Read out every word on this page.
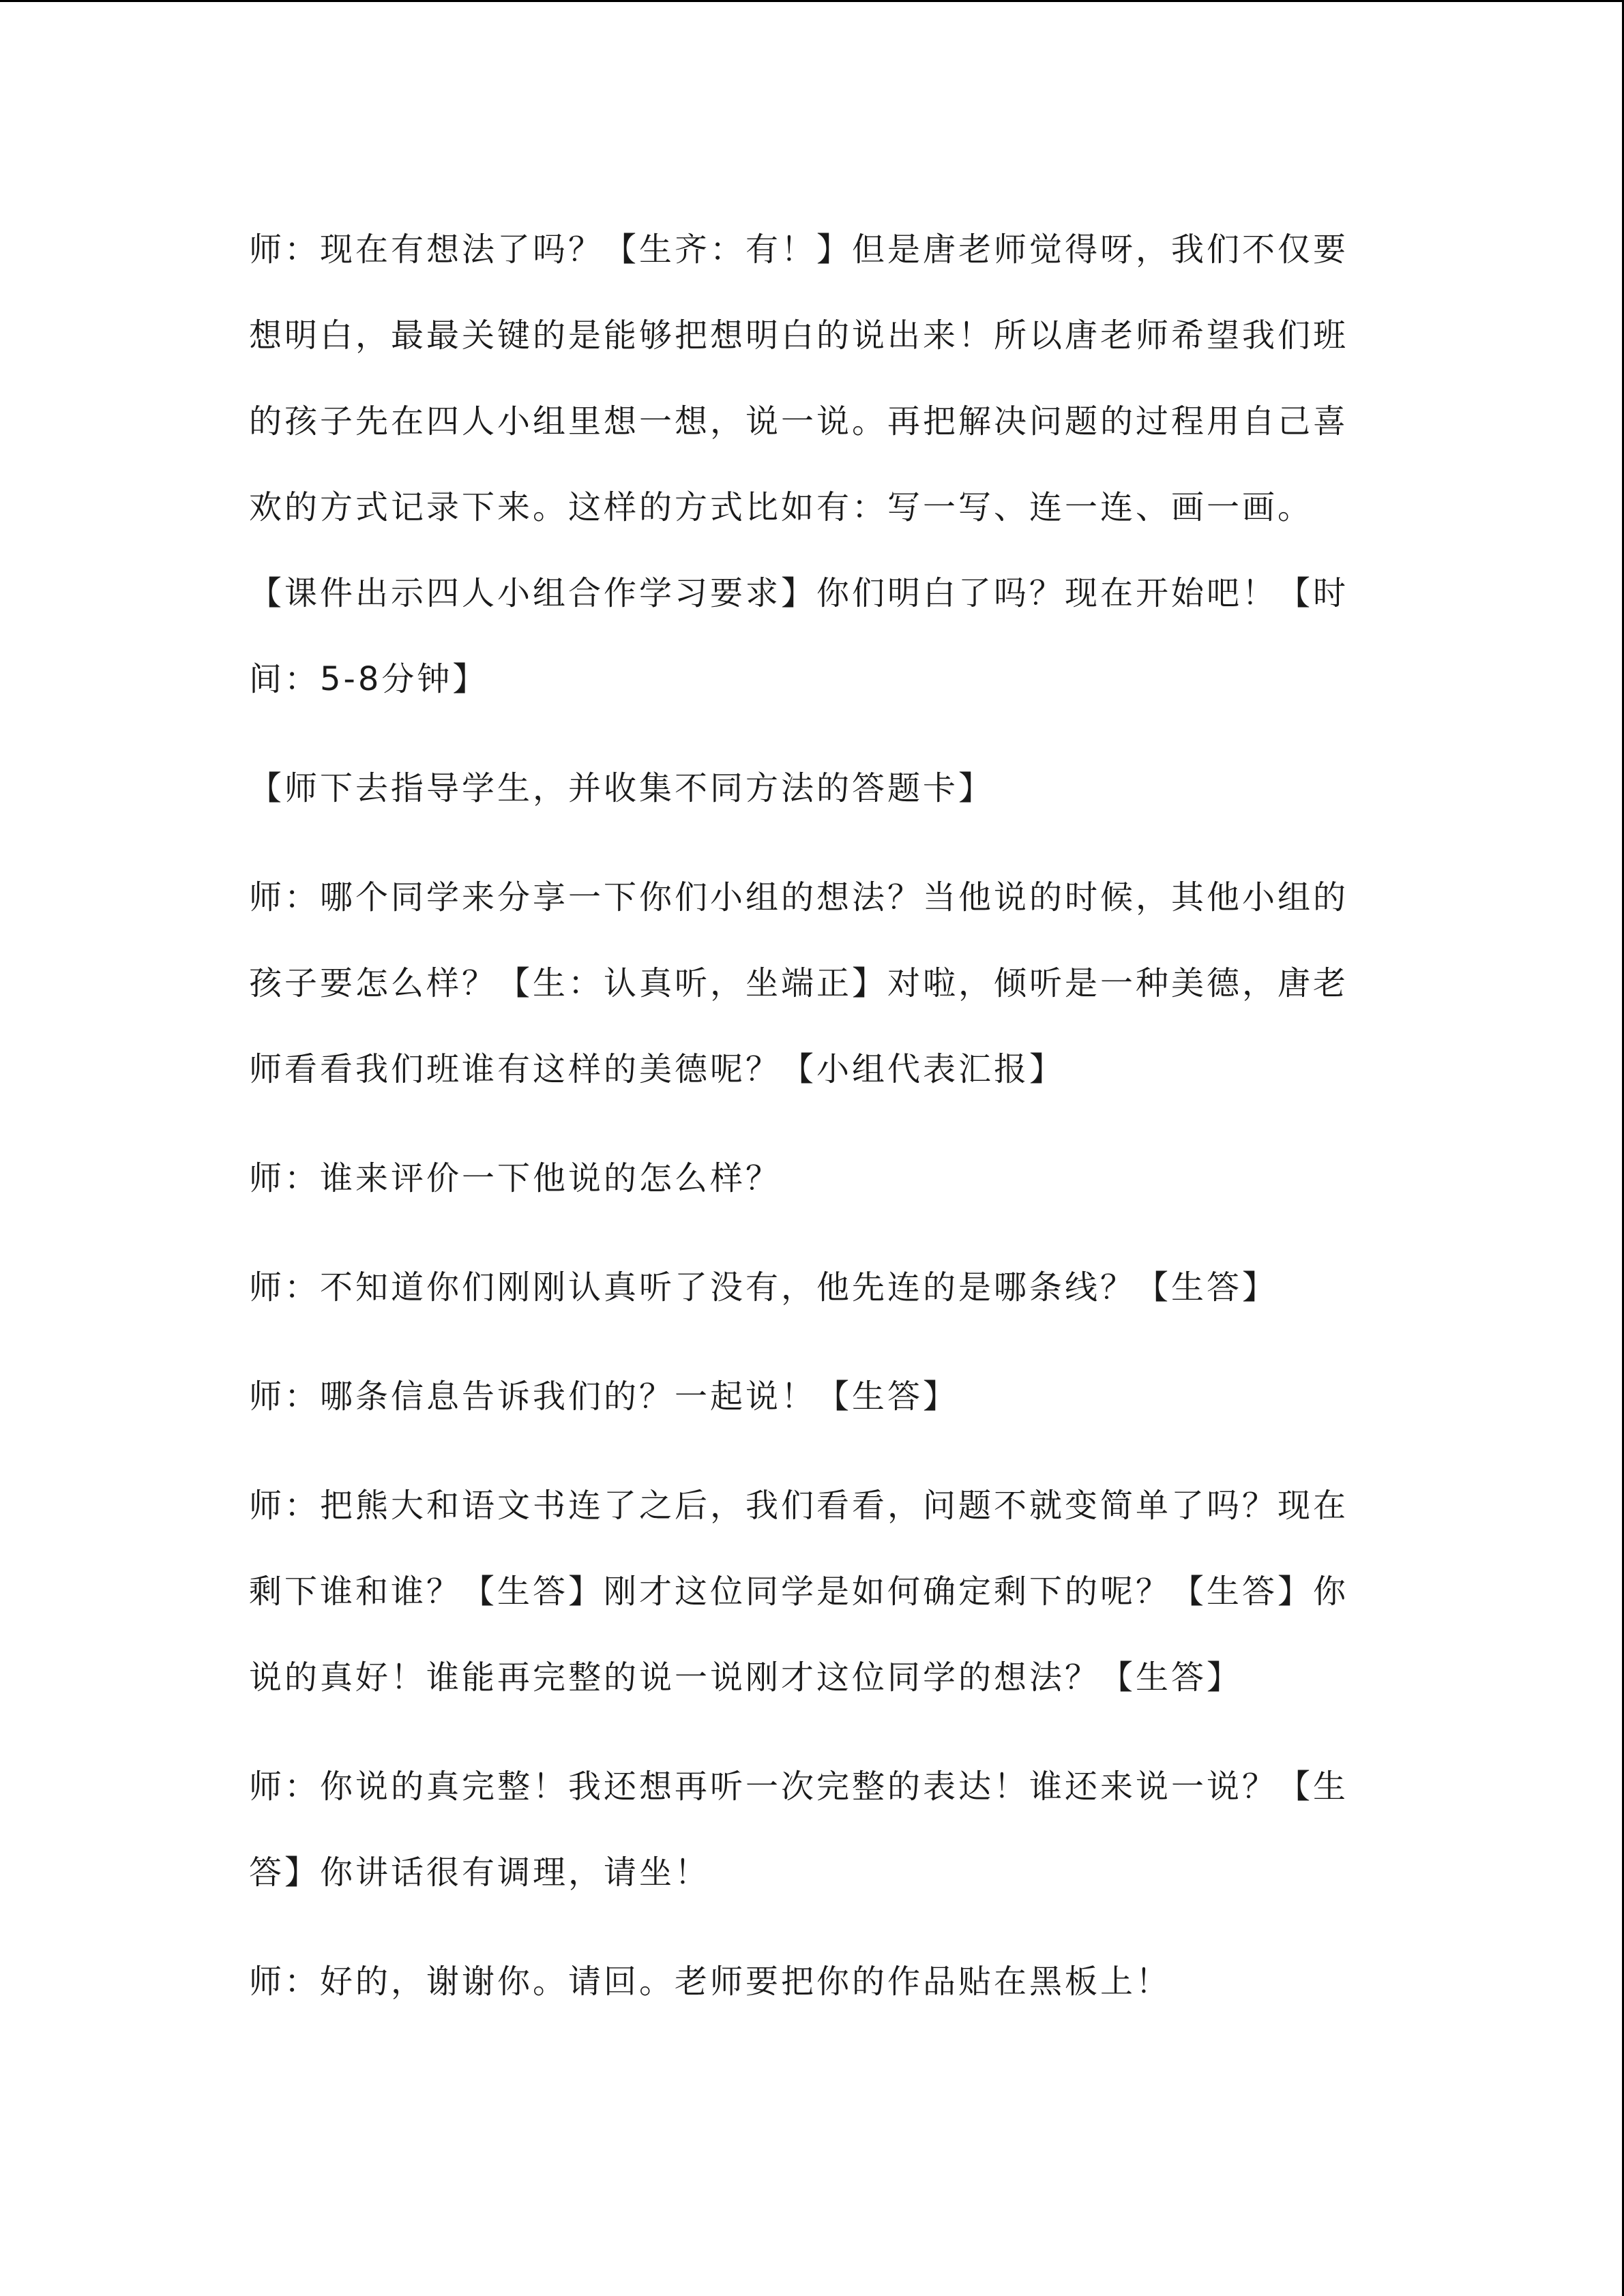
师：现在有想法了吗？【生齐：有！】但是唐老师觉得呀，我们不仅要想明白，最最关键的是能够把想明白的说出来！所以唐老师希望我们班的孩子先在四人小组里想一想，说一说。再把解决问题的过程用自己喜欢的方式记录下来。这样的方式比如有：写一写、连一连、画一画。【课件出示四人小组合作学习要求】你们明白了吗？现在开始吧！【时间：5-8分钟】

【师下去指导学生，并收集不同方法的答题卡】

师：哪个同学来分享一下你们小组的想法？当他说的时候，其他小组的孩子要怎么样？【生：认真听，坐端正】对啦，倾听是一种美德，唐老师看看我们班谁有这样的美德呢？【小组代表汇报】

师：谁来评价一下他说的怎么样？

师：不知道你们刚刚认真听了没有，他先连的是哪条线？【生答】

师：哪条信息告诉我们的？一起说！【生答】

师：把熊大和语文书连了之后，我们看看，问题不就变简单了吗？现在剩下谁和谁？【生答】刚才这位同学是如何确定剩下的呢？【生答】你说的真好！谁能再完整的说一说刚才这位同学的想法？【生答】

师：你说的真完整！我还想再听一次完整的表达！谁还来说一说？【生答】你讲话很有调理，请坐！

师：好的，谢谢你。请回。老师要把你的作品贴在黑板上！
